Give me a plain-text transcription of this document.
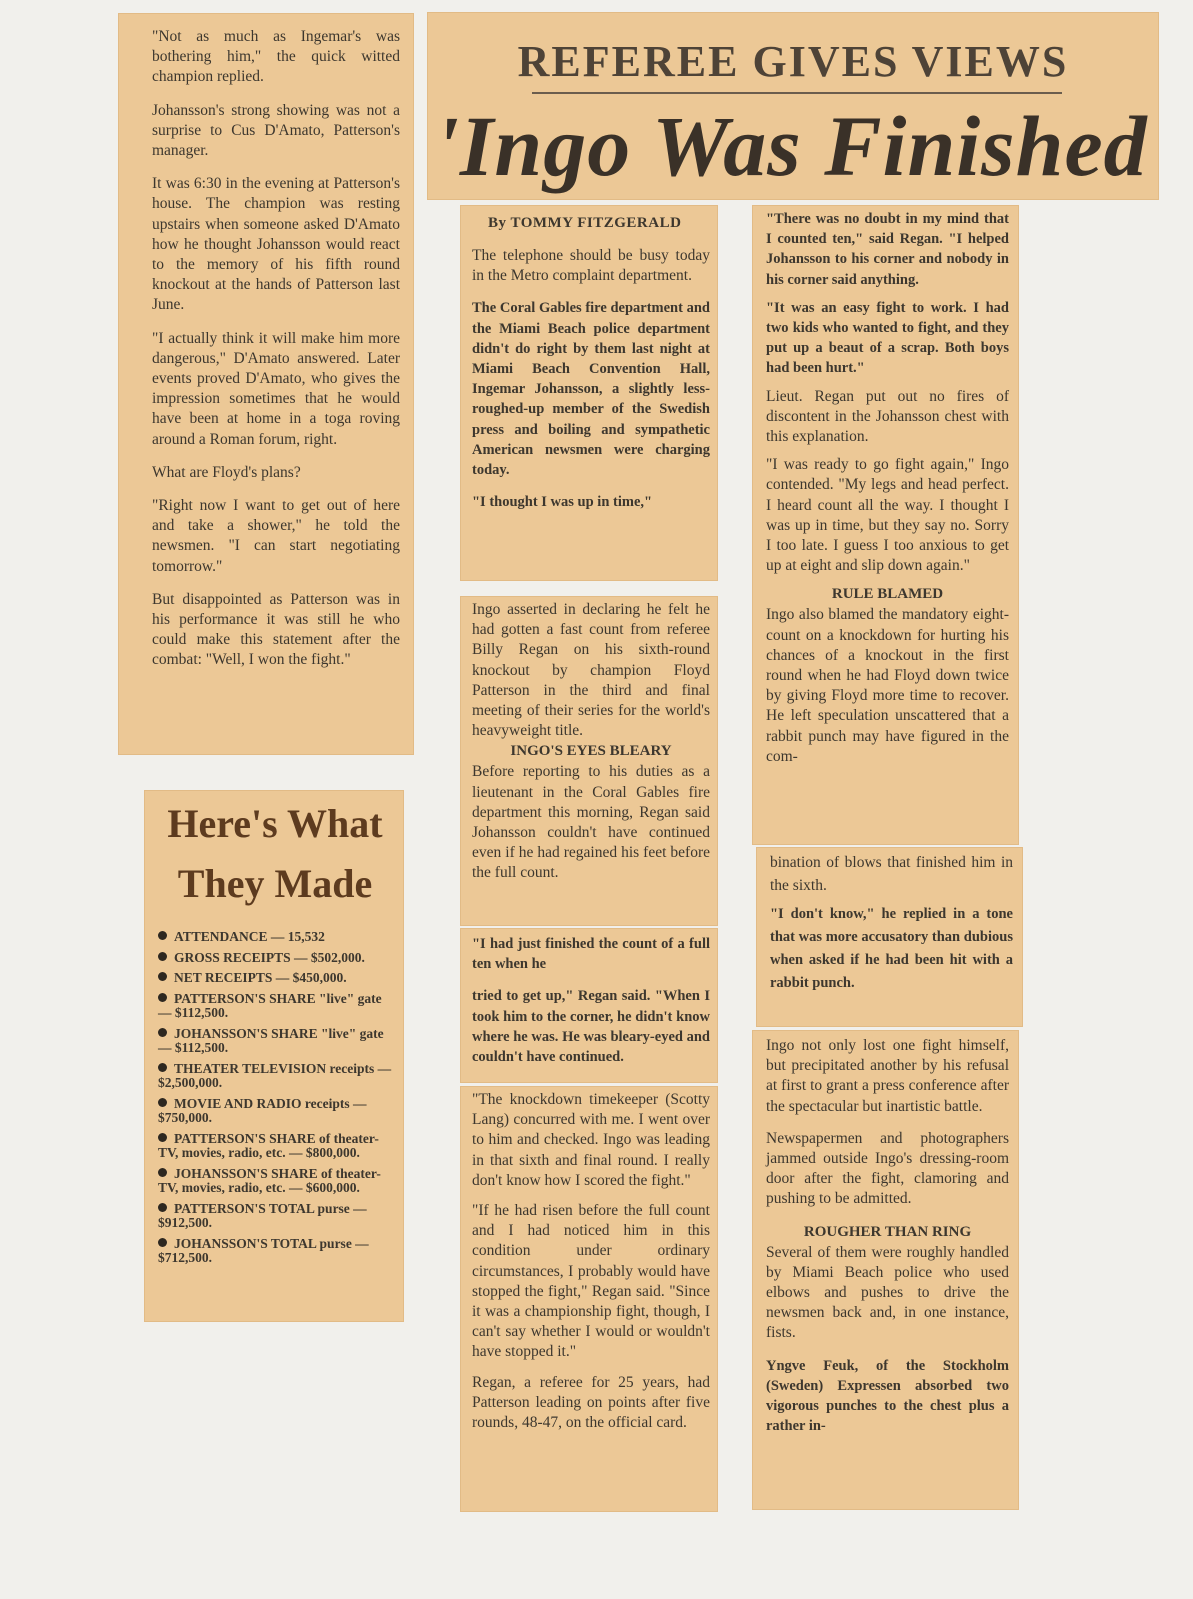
"Not as much as Ingemar's was bothering him," the quick witted champion replied.

Johansson's strong showing was not a surprise to Cus D'Amato, Patterson's manager.

It was 6:30 in the evening at Patterson's house. The champion was resting upstairs when someone asked D'Amato how he thought Johansson would react to the memory of his fifth round knockout at the hands of Patterson last June.

"I actually think it will make him more dangerous," D'Amato answered. Later events proved D'Amato, who gives the impression sometimes that he would have been at home in a toga roving around a Roman forum, right.

What are Floyd's plans?

"Right now I want to get out of here and take a shower," he told the newsmen. "I can start negotiating tomorrow."

But disappointed as Patterson was in his performance it was still he who could make this statement after the combat: "Well, I won the fight."

REFEREE GIVES VIEWS
'Ingo Was Finished
Here's What
They Made
ATTENDANCE — 15,532
GROSS RECEIPTS — $502,000.
NET RECEIPTS — $450,000.
PATTERSON'S SHARE "live" gate — $112,500.
JOHANSSON'S SHARE "live" gate — $112,500.
THEATER TELEVISION receipts — $2,500,000.
MOVIE AND RADIO receipts — $750,000.
PATTERSON'S SHARE of theater-TV, movies, radio, etc. — $800,000.
JOHANSSON'S SHARE of theater-TV, movies, radio, etc. — $600,000.
PATTERSON'S TOTAL purse — $912,500.
JOHANSSON'S TOTAL purse — $712,500.
By TOMMY FITZGERALD

The telephone should be busy today in the Metro complaint department.

The Coral Gables fire department and the Miami Beach police department didn't do right by them last night at Miami Beach Convention Hall, Ingemar Johansson, a slightly less-roughed-up member of the Swedish press and boiling and sympathetic American newsmen were charging today.

"I thought I was up in time,"

Ingo asserted in declaring he felt he had gotten a fast count from referee Billy Regan on his sixth-round knockout by champion Floyd Patterson in the third and final meeting of their series for the world's heavyweight title.

INGO'S EYES BLEARY

Before reporting to his duties as a lieutenant in the Coral Gables fire department this morning, Regan said Johansson couldn't have continued even if he had regained his feet before the full count.

"I had just finished the count of a full ten when he

tried to get up," Regan said. "When I took him to the corner, he didn't know where he was. He was bleary-eyed and couldn't have continued.

"The knockdown timekeeper (Scotty Lang) concurred with me. I went over to him and checked. Ingo was leading in that sixth and final round. I really don't know how I scored the fight."

"If he had risen before the full count and I had noticed him in this condition under ordinary circumstances, I probably would have stopped the fight," Regan said. "Since it was a championship fight, though, I can't say whether I would or wouldn't have stopped it."

Regan, a referee for 25 years, had Patterson leading on points after five rounds, 48-47, on the official card.

"There was no doubt in my mind that I counted ten," said Regan. "I helped Johansson to his corner and nobody in his corner said anything.

"It was an easy fight to work. I had two kids who wanted to fight, and they put up a beaut of a scrap. Both boys had been hurt."

Lieut. Regan put out no fires of discontent in the Johansson chest with this explanation.

"I was ready to go fight again," Ingo contended. "My legs and head perfect. I heard count all the way. I thought I was up in time, but they say no. Sorry I too late. I guess I too anxious to get up at eight and slip down again."

RULE BLAMED

Ingo also blamed the mandatory eight-count on a knockdown for hurting his chances of a knockout in the first round when he had Floyd down twice by giving Floyd more time to recover. He left speculation unscattered that a rabbit punch may have figured in the com-

bination of blows that finished him in the sixth.

"I don't know," he replied in a tone that was more accusatory than dubious when asked if he had been hit with a rabbit punch.

Ingo not only lost one fight himself, but precipitated another by his refusal at first to grant a press conference after the spectacular but inartistic battle.

Newspapermen and photographers jammed outside Ingo's dressing-room door after the fight, clamoring and pushing to be admitted.

ROUGHER THAN RING

Several of them were roughly handled by Miami Beach police who used elbows and pushes to drive the newsmen back and, in one instance, fists.

Yngve Feuk, of the Stockholm (Sweden) Expressen absorbed two vigorous punches to the chest plus a rather in-
